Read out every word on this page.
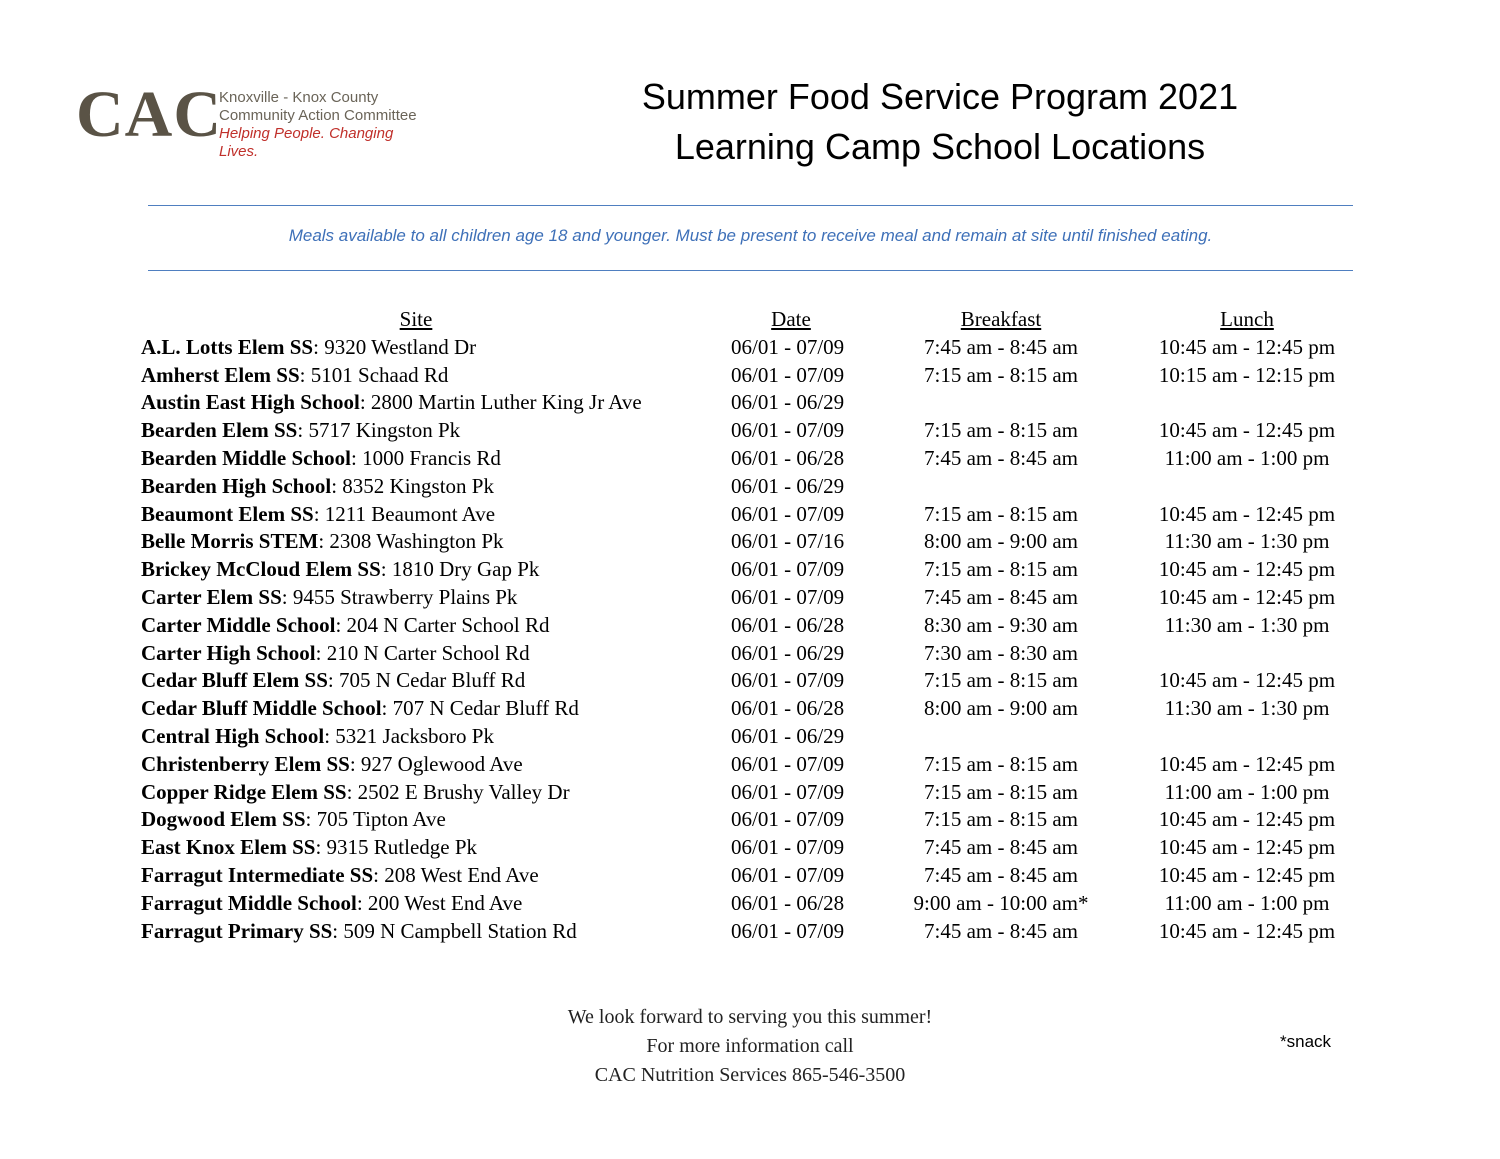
CAC
Knoxville - Knox County
Community Action Committee
Helping People. Changing Lives.
Summer Food Service Program 2021
Learning Camp School Locations
Meals available to all children age 18 and younger. Must be present to receive meal and remain at site until finished eating.
Site	Date	Breakfast	Lunch
A.L. Lotts Elem SS: 9320 Westland Dr	06/01 - 07/09	7:45 am - 8:45 am	10:45 am - 12:45 pm
Amherst Elem SS: 5101 Schaad Rd	06/01 - 07/09	7:15 am - 8:15 am	10:15 am - 12:15 pm
Austin East High School: 2800 Martin Luther King Jr Ave	06/01 - 06/29
Bearden Elem SS: 5717 Kingston Pk	06/01 - 07/09	7:15 am - 8:15 am	10:45 am - 12:45 pm
Bearden Middle School: 1000 Francis Rd	06/01 - 06/28	7:45 am - 8:45 am	11:00 am - 1:00 pm
Bearden High School: 8352 Kingston Pk	06/01 - 06/29
Beaumont Elem SS: 1211 Beaumont Ave	06/01 - 07/09	7:15 am - 8:15 am	10:45 am - 12:45 pm
Belle Morris STEM: 2308 Washington Pk	06/01 - 07/16	8:00 am - 9:00 am	11:30 am - 1:30 pm
Brickey McCloud Elem SS: 1810 Dry Gap Pk	06/01 - 07/09	7:15 am - 8:15 am	10:45 am - 12:45 pm
Carter Elem SS: 9455 Strawberry Plains Pk	06/01 - 07/09	7:45 am - 8:45 am	10:45 am - 12:45 pm
Carter Middle School: 204 N Carter School Rd	06/01 - 06/28	8:30 am - 9:30 am	11:30 am - 1:30 pm
Carter High School: 210 N Carter School Rd	06/01 - 06/29	7:30 am - 8:30 am
Cedar Bluff Elem SS: 705 N Cedar Bluff Rd	06/01 - 07/09	7:15 am - 8:15 am	10:45 am - 12:45 pm
Cedar Bluff Middle School: 707 N Cedar Bluff Rd	06/01 - 06/28	8:00 am - 9:00 am	11:30 am - 1:30 pm
Central High School: 5321 Jacksboro Pk	06/01 - 06/29
Christenberry Elem SS: 927 Oglewood Ave	06/01 - 07/09	7:15 am - 8:15 am	10:45 am - 12:45 pm
Copper Ridge Elem SS: 2502 E Brushy Valley Dr	06/01 - 07/09	7:15 am - 8:15 am	11:00 am - 1:00 pm
Dogwood Elem SS: 705 Tipton Ave	06/01 - 07/09	7:15 am - 8:15 am	10:45 am - 12:45 pm
East Knox Elem SS: 9315 Rutledge Pk	06/01 - 07/09	7:45 am - 8:45 am	10:45 am - 12:45 pm
Farragut Intermediate SS: 208 West End Ave	06/01 - 07/09	7:45 am - 8:45 am	10:45 am - 12:45 pm
Farragut Middle School: 200 West End Ave	06/01 - 06/28	9:00 am - 10:00 am*	11:00 am - 1:00 pm
Farragut Primary SS: 509 N Campbell Station Rd	06/01 - 07/09	7:45 am - 8:45 am	10:45 am - 12:45 pm
We look forward to serving you this summer!
For more information call
CAC Nutrition Services 865-546-3500
*snack
